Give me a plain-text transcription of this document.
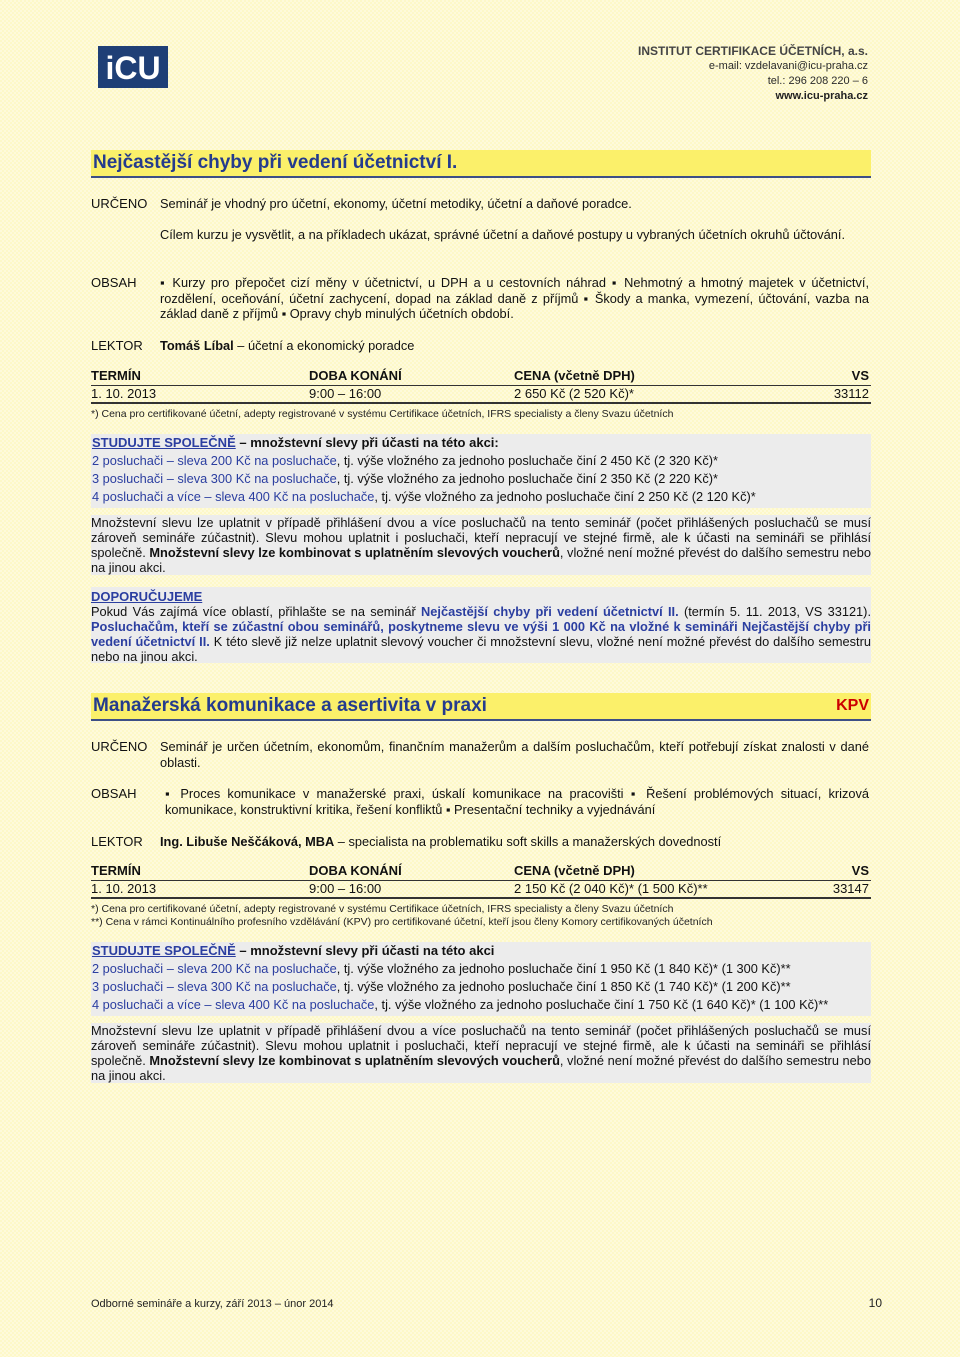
iCU	INSTITUT CERTIFIKACE ÚČETNÍCH, a.s.
e-mail: vzdelavani@icu-praha.cz
tel.: 296 208 220 – 6
www.icu-praha.cz
Nejčastější chyby při vedení účetnictví I.
URČENO Seminář je vhodný pro účetní, ekonomy, účetní metodiky, účetní a daňové poradce.
Cílem kurzu je vysvětlit, a na příkladech ukázat, správné účetní a daňové postupy u vybraných účetních okruhů účtování.
OBSAH ▪ Kurzy pro přepočet cizí měny v účetnictví, u DPH a u cestovních náhrad ▪ Nehmotný a hmotný majetek v účetnictví, rozdělení, oceňování, účetní zachycení, dopad na základ daně z příjmů ▪ Škody a manka, vymezení, účtování, vazba na základ daně z příjmů ▪ Opravy chyb minulých účetních období.
LEKTOR Tomáš Líbal – účetní a ekonomický poradce
TERMÍN	DOBA KONÁNÍ	CENA (včetně DPH)	VS
1. 10. 2013	9:00 – 16:00	2 650 Kč (2 520 Kč)*	33112
*) Cena pro certifikované účetní, adepty registrované v systému Certifikace účetních, IFRS specialisty a členy Svazu účetních
STUDUJTE SPOLEČNĚ – množstevní slevy při účasti na této akci:
2 posluchači – sleva 200 Kč na posluchače, tj. výše vložného za jednoho posluchače činí 2 450 Kč (2 320 Kč)*
3 posluchači – sleva 300 Kč na posluchače, tj. výše vložného za jednoho posluchače činí 2 350 Kč (2 220 Kč)*
4 posluchači a více – sleva 400 Kč na posluchače, tj. výše vložného za jednoho posluchače činí 2 250 Kč (2 120 Kč)*
Množstevní slevu lze uplatnit v případě přihlášení dvou a více posluchačů na tento seminář (počet přihlášených posluchačů se musí zároveň semináře zúčastnit). Slevu mohou uplatnit i posluchači, kteří nepracují ve stejné firmě, ale k účasti na semináři se přihlásí společně. Množstevní slevy lze kombinovat s uplatněním slevových voucherů, vložné není možné převést do dalšího semestru nebo na jinou akci.
DOPORUČUJEME
Pokud Vás zajímá více oblastí, přihlašte se na seminář Nejčastější chyby při vedení účetnictví II. (termín 5. 11. 2013, VS 33121). Posluchačům, kteří se zúčastní obou seminářů, poskytneme slevu ve výši 1 000 Kč na vložné k semináři Nejčastější chyby při vedení účetnictví II. K této slevě již nelze uplatnit slevový voucher či množstevní slevu, vložné není možné převést do dalšího semestru nebo na jinou akci.
Manažerská komunikace a asertivita v praxi	KPV
URČENO Seminář je určen účetním, ekonomům, finančním manažerům a dalším posluchačům, kteří potřebují získat znalosti v dané oblasti.
OBSAH ▪ Proces komunikace v manažerské praxi, úskalí komunikace na pracovišti ▪ Řešení problémových situací, krizová komunikace, konstruktivní kritika, řešení konfliktů ▪ Presentační techniky a vyjednávání
LEKTOR Ing. Libuše Neščáková, MBA – specialista na problematiku soft skills a manažerských dovedností
TERMÍN	DOBA KONÁNÍ	CENA (včetně DPH)	VS
1. 10. 2013	9:00 – 16:00	2 150 Kč (2 040 Kč)* (1 500 Kč)**	33147
*) Cena pro certifikované účetní, adepty registrované v systému Certifikace účetních, IFRS specialisty a členy Svazu účetních
**) Cena v rámci Kontinuálního profesního vzdělávání (KPV) pro certifikované účetní, kteří jsou členy Komory certifikovaných účetních
STUDUJTE SPOLEČNĚ – množstevní slevy při účasti na této akci
2 posluchači – sleva 200 Kč na posluchače, tj. výše vložného za jednoho posluchače činí 1 950 Kč (1 840 Kč)* (1 300 Kč)**
3 posluchači – sleva 300 Kč na posluchače, tj. výše vložného za jednoho posluchače činí 1 850 Kč (1 740 Kč)* (1 200 Kč)**
4 posluchači a více – sleva 400 Kč na posluchače, tj. výše vložného za jednoho posluchače činí 1 750 Kč (1 640 Kč)* (1 100 Kč)**
Množstevní slevu lze uplatnit v případě přihlášení dvou a více posluchačů na tento seminář (počet přihlášených posluchačů se musí zároveň semináře zúčastnit). Slevu mohou uplatnit i posluchači, kteří nepracují ve stejné firmě, ale k účasti na semináři se přihlásí společně. Množstevní slevy lze kombinovat s uplatněním slevových voucherů, vložné není možné převést do dalšího semestru nebo na jinou akci.
Odborné semináře a kurzy, září 2013 – únor 2014	10
